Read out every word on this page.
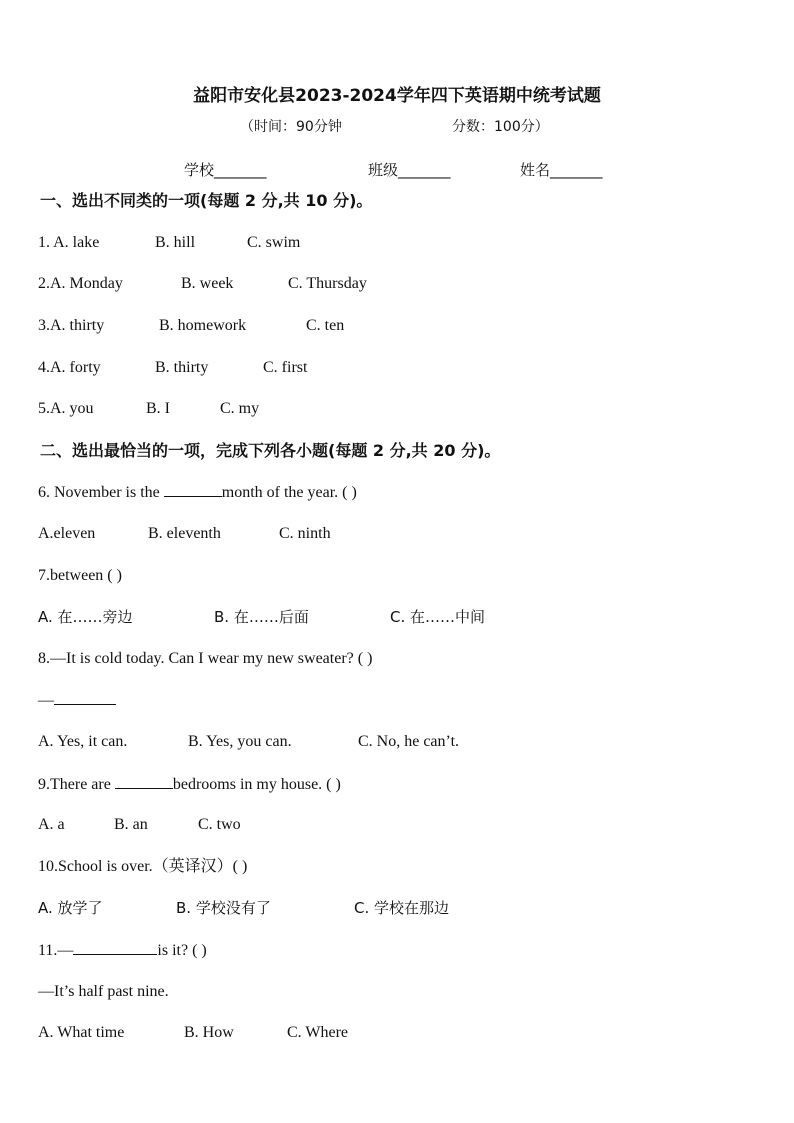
益阳市安化县2023-2024学年四下英语期中统考试题
（时间：90分钟	分数：100分）
学校_______	班级_______	姓名_______
一、选出不同类的一项(每题 2 分,共 10 分)。
1. A. lake	B. hill	C. swim
2.A. Monday	B. week	C. Thursday
3.A. thirty	B. homework	C. ten
4.A. forty	B. thirty	C. first
5.A. you	B. I	C. my
二、选出最恰当的一项，完成下列各小题(每题 2 分,共 20 分)。
6. November is the	month of the year. ( )
A.eleven	B. eleventh	C. ninth
7.between ( )
A. 在……旁边	B. 在……后面	C. 在……中间
8.—It is cold today. Can I wear my new sweater? ( )
—
A. Yes, it can.	B. Yes, you can.	C. No, he can’t.
9.There are	bedrooms in my house. ( )
A. a	B. an	C. two
10.School is over.（英译汉）( )
A. 放学了	B. 学校没有了	C. 学校在那边
11.—	is it? ( )
—It’s half past nine.
A. What time	B. How	C. Where
